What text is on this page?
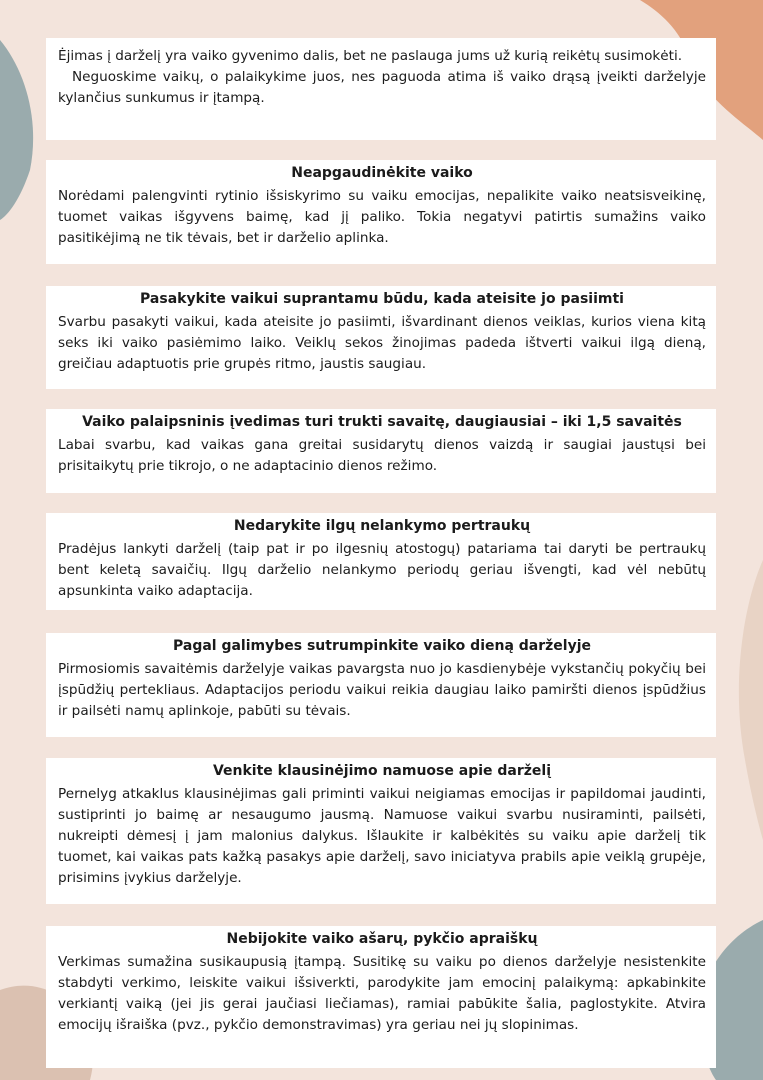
Ėjimas į darželį yra vaiko gyvenimo dalis, bet ne paslauga jums už kurią reikėtų susimokėti.

Neguoskime vaikų, o palaikykime juos, nes paguoda atima iš vaiko drąsą įveikti darželyje kylančius sunkumus ir įtampą.

Neapgaudinėkite vaiko

Norėdami palengvinti rytinio išsiskyrimo su vaiku emocijas, nepalikite vaiko neatsisveikinę, tuomet vaikas išgyvens baimę, kad jį paliko. Tokia negatyvi patirtis sumažins vaiko pasitikėjimą ne tik tėvais, bet ir darželio aplinka.

Pasakykite vaikui suprantamu būdu, kada ateisite jo pasiimti

Svarbu pasakyti vaikui, kada ateisite jo pasiimti, išvardinant dienos veiklas, kurios viena kitą seks iki vaiko pasiėmimo laiko. Veiklų sekos žinojimas padeda ištverti vaikui ilgą dieną, greičiau adaptuotis prie grupės ritmo, jaustis saugiau.

Vaiko palaipsninis įvedimas turi trukti savaitę, daugiausiai – iki 1,5 savaitės

Labai svarbu, kad vaikas gana greitai susidarytų dienos vaizdą ir saugiai jaustųsi bei prisitaikytų prie tikrojo, o ne adaptacinio dienos režimo.

Nedarykite ilgų nelankymo pertraukų

Pradėjus lankyti darželį (taip pat ir po ilgesnių atostogų) patariama tai daryti be pertraukų bent keletą savaičių. Ilgų darželio nelankymo periodų geriau išvengti, kad vėl nebūtų apsunkinta vaiko adaptacija.

Pagal galimybes sutrumpinkite vaiko dieną darželyje

Pirmosiomis savaitėmis darželyje vaikas pavargsta nuo jo kasdienybėje vykstančių pokyčių bei įspūdžių pertekliaus. Adaptacijos periodu vaikui reikia daugiau laiko pamiršti dienos įspūdžius ir pailsėti namų aplinkoje, pabūti su tėvais.

Venkite klausinėjimo namuose apie darželį

Pernelyg atkaklus klausinėjimas gali priminti vaikui neigiamas emocijas ir papildomai jaudinti, sustiprinti jo baimę ar nesaugumo jausmą. Namuose vaikui svarbu nusiraminti, pailsėti, nukreipti dėmesį į jam malonius dalykus. Išlaukite ir kalbėkitės su vaiku apie darželį tik tuomet, kai vaikas pats kažką pasakys apie darželį, savo iniciatyva prabils apie veiklą grupėje, prisimins įvykius darželyje.

Nebijokite vaiko ašarų, pykčio apraiškų

Verkimas sumažina susikaupusią įtampą. Susitikę su vaiku po dienos darželyje nesistenkite stabdyti verkimo, leiskite vaikui išsiverkti, parodykite jam emocinį palaikymą: apkabinkite verkiantį vaiką (jei jis gerai jaučiasi liečiamas), ramiai pabūkite šalia, paglostykite. Atvira emocijų išraiška (pvz., pykčio demonstravimas) yra geriau nei jų slopinimas.
